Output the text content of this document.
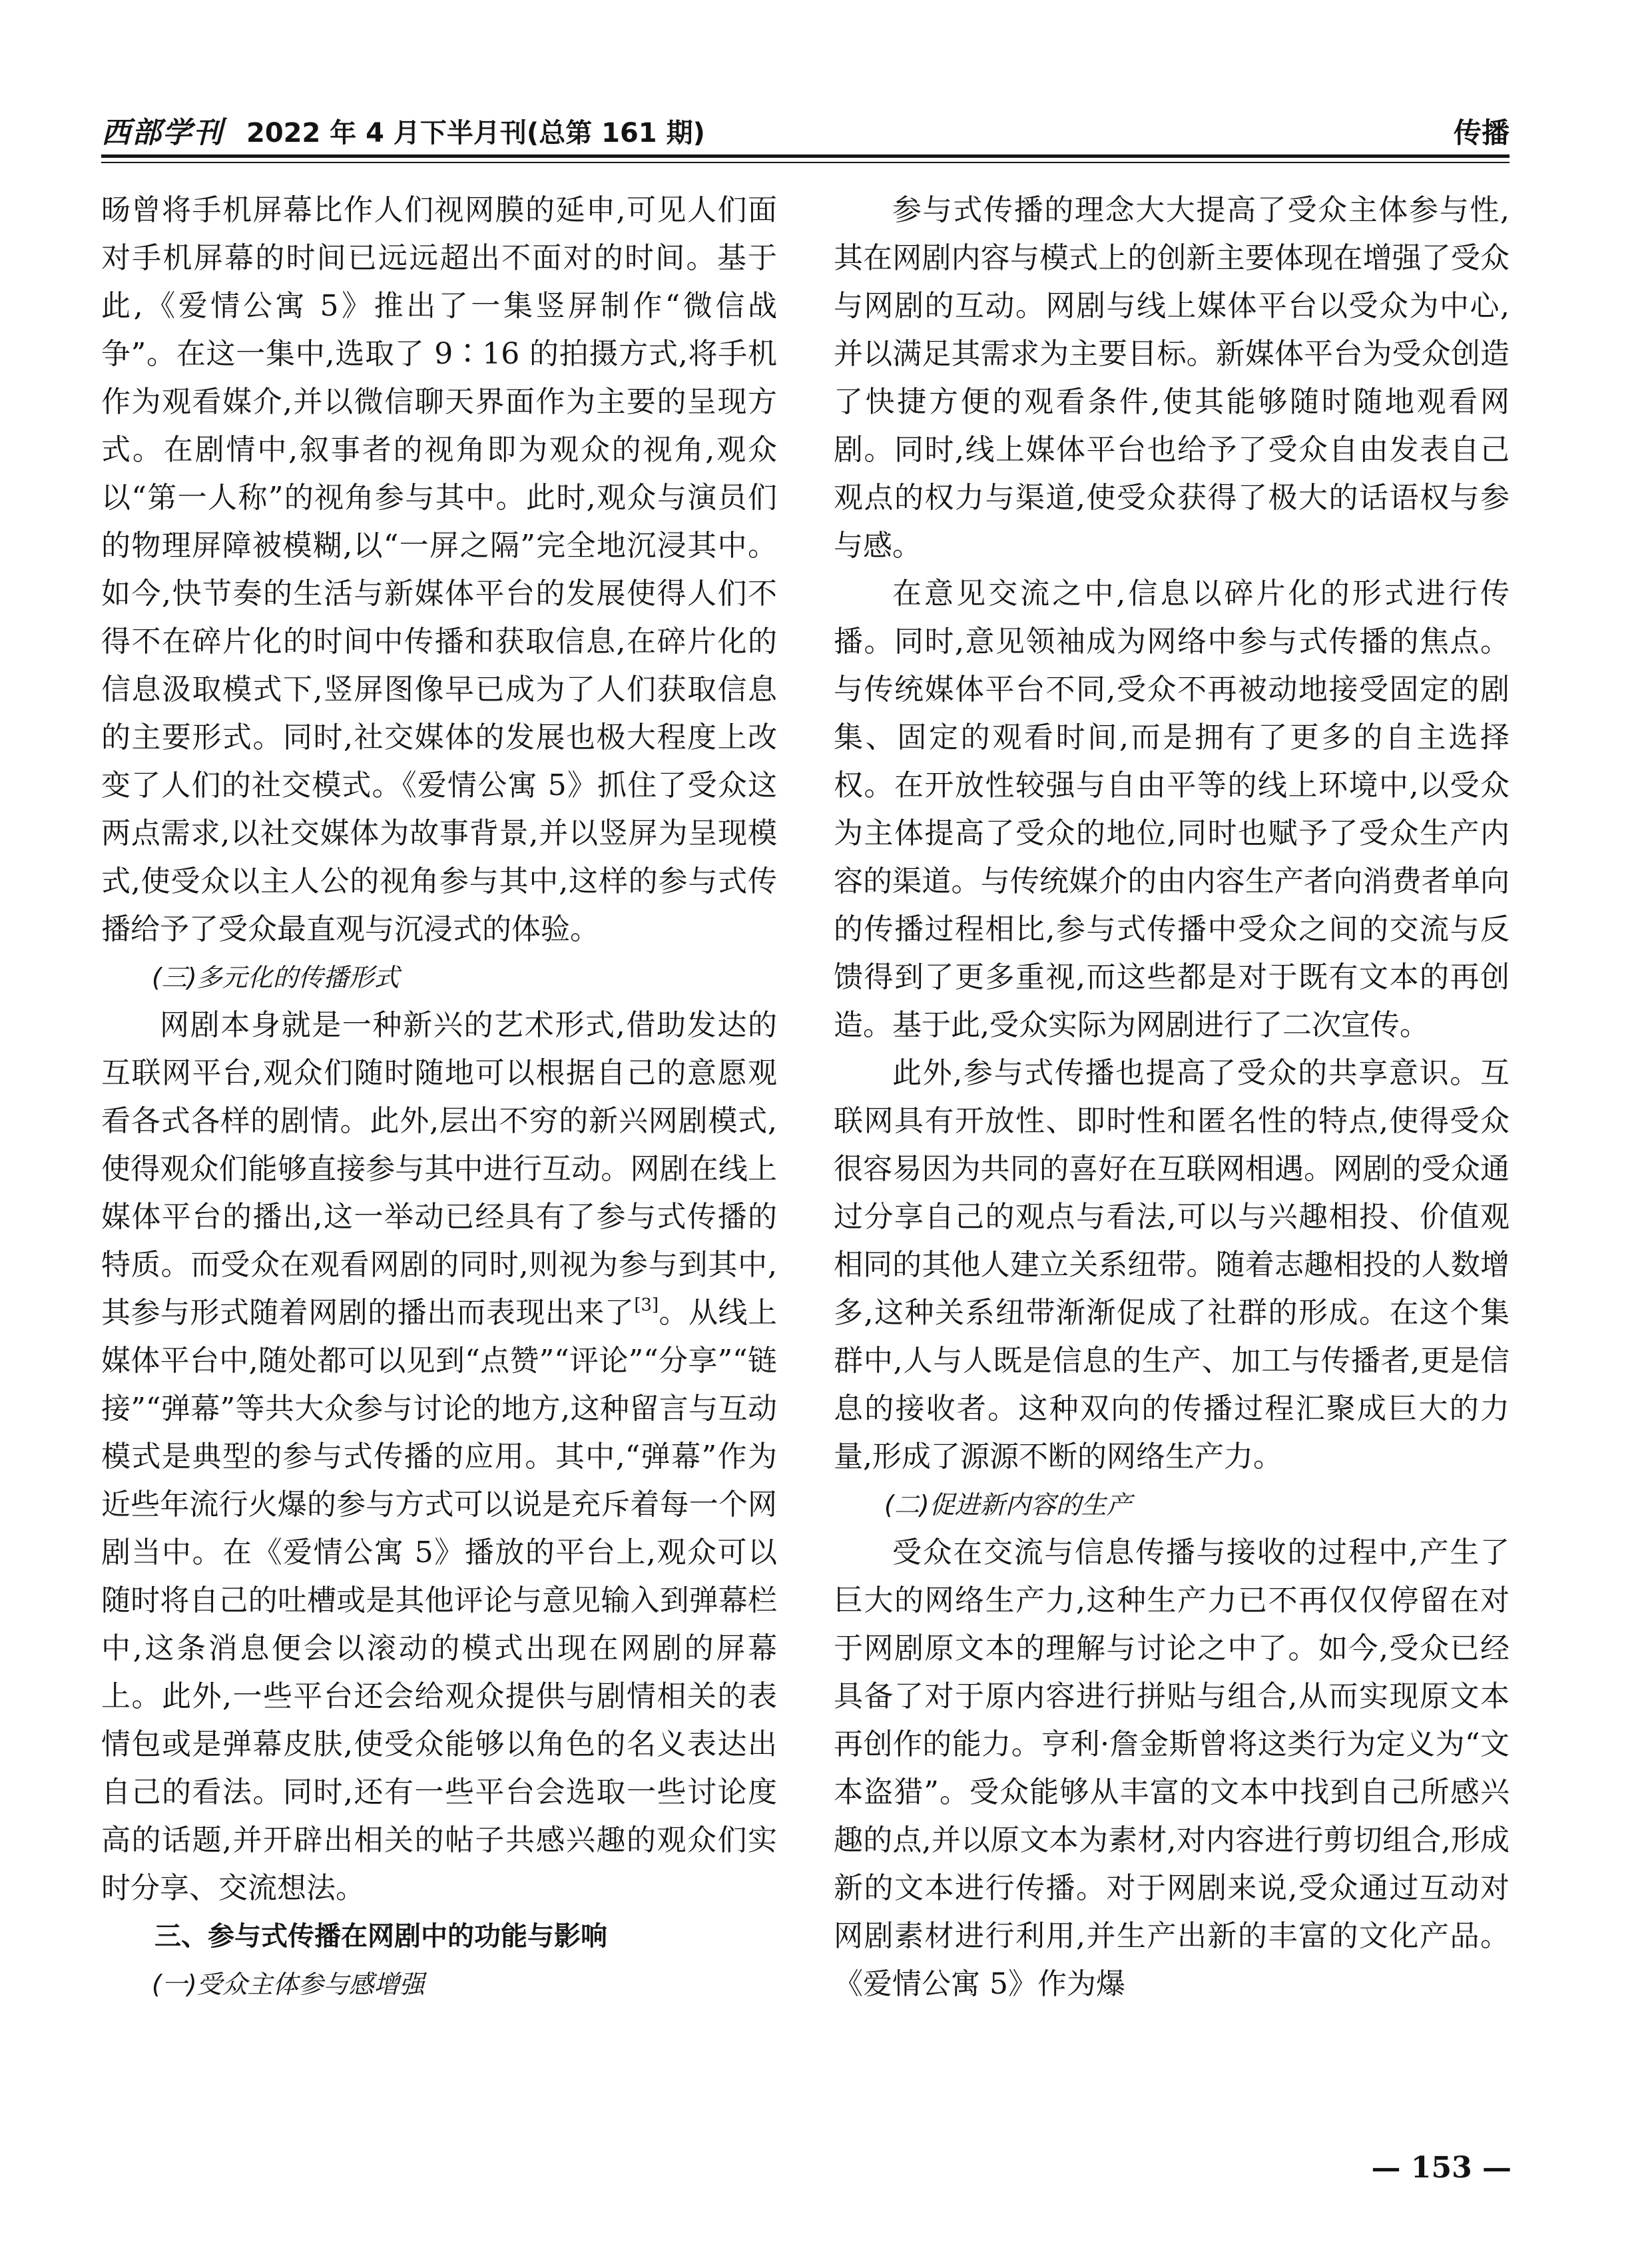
西部学刊 2022 年 4 月下半月刊(总第 161 期)	传播

旸曾将手机屏幕比作人们视网膜的延申,可见人们面对手机屏幕的时间已远远超出不面对的时间。基于此,《爱情公寓 5》推出了一集竖屏制作“微信战争”。在这一集中,选取了 9∶16 的拍摄方式,将手机作为观看媒介,并以微信聊天界面作为主要的呈现方式。在剧情中,叙事者的视角即为观众的视角,观众以“第一人称”的视角参与其中。此时,观众与演员们的物理屏障被模糊,以“一屏之隔”完全地沉浸其中。如今,快节奏的生活与新媒体平台的发展使得人们不得不在碎片化的时间中传播和获取信息,在碎片化的信息汲取模式下,竖屏图像早已成为了人们获取信息的主要形式。同时,社交媒体的发展也极大程度上改变了人们的社交模式。《爱情公寓 5》抓住了受众这两点需求,以社交媒体为故事背景,并以竖屏为呈现模式,使受众以主人公的视角参与其中,这样的参与式传播给予了受众最直观与沉浸式的体验。

(三)多元化的传播形式

网剧本身就是一种新兴的艺术形式,借助发达的互联网平台,观众们随时随地可以根据自己的意愿观看各式各样的剧情。此外,层出不穷的新兴网剧模式,使得观众们能够直接参与其中进行互动。网剧在线上媒体平台的播出,这一举动已经具有了参与式传播的特质。而受众在观看网剧的同时,则视为参与到其中,其参与形式随着网剧的播出而表现出来了[3]。从线上媒体平台中,随处都可以见到“点赞”“评论”“分享”“链接”“弹幕”等共大众参与讨论的地方,这种留言与互动模式是典型的参与式传播的应用。其中,“弹幕”作为近些年流行火爆的参与方式可以说是充斥着每一个网剧当中。在《爱情公寓 5》播放的平台上,观众可以随时将自己的吐槽或是其他评论与意见输入到弹幕栏中,这条消息便会以滚动的模式出现在网剧的屏幕上。此外,一些平台还会给观众提供与剧情相关的表情包或是弹幕皮肤,使受众能够以角色的名义表达出自己的看法。同时,还有一些平台会选取一些讨论度高的话题,并开辟出相关的帖子共感兴趣的观众们实时分享、交流想法。

三、参与式传播在网剧中的功能与影响
(一)受众主体参与感增强

参与式传播的理念大大提高了受众主体参与性,其在网剧内容与模式上的创新主要体现在增强了受众与网剧的互动。网剧与线上媒体平台以受众为中心,并以满足其需求为主要目标。新媒体平台为受众创造了快捷方便的观看条件,使其能够随时随地观看网剧。同时,线上媒体平台也给予了受众自由发表自己观点的权力与渠道,使受众获得了极大的话语权与参与感。

在意见交流之中,信息以碎片化的形式进行传播。同时,意见领袖成为网络中参与式传播的焦点。与传统媒体平台不同,受众不再被动地接受固定的剧集、固定的观看时间,而是拥有了更多的自主选择权。在开放性较强与自由平等的线上环境中,以受众为主体提高了受众的地位,同时也赋予了受众生产内容的渠道。与传统媒介的由内容生产者向消费者单向的传播过程相比,参与式传播中受众之间的交流与反馈得到了更多重视,而这些都是对于既有文本的再创造。基于此,受众实际为网剧进行了二次宣传。

此外,参与式传播也提高了受众的共享意识。互联网具有开放性、即时性和匿名性的特点,使得受众很容易因为共同的喜好在互联网相遇。网剧的受众通过分享自己的观点与看法,可以与兴趣相投、价值观相同的其他人建立关系纽带。随着志趣相投的人数增多,这种关系纽带渐渐促成了社群的形成。在这个集群中,人与人既是信息的生产、加工与传播者,更是信息的接收者。这种双向的传播过程汇聚成巨大的力量,形成了源源不断的网络生产力。

(二)促进新内容的生产

受众在交流与信息传播与接收的过程中,产生了巨大的网络生产力,这种生产力已不再仅仅停留在对于网剧原文本的理解与讨论之中了。如今,受众已经具备了对于原内容进行拼贴与组合,从而实现原文本再创作的能力。亨利·詹金斯曾将这类行为定义为“文本盗猎”。受众能够从丰富的文本中找到自己所感兴趣的点,并以原文本为素材,对内容进行剪切组合,形成新的文本进行传播。对于网剧来说,受众通过互动对网剧素材进行利用,并生产出新的丰富的文化产品。《爱情公寓 5》作为爆

— 153 —
